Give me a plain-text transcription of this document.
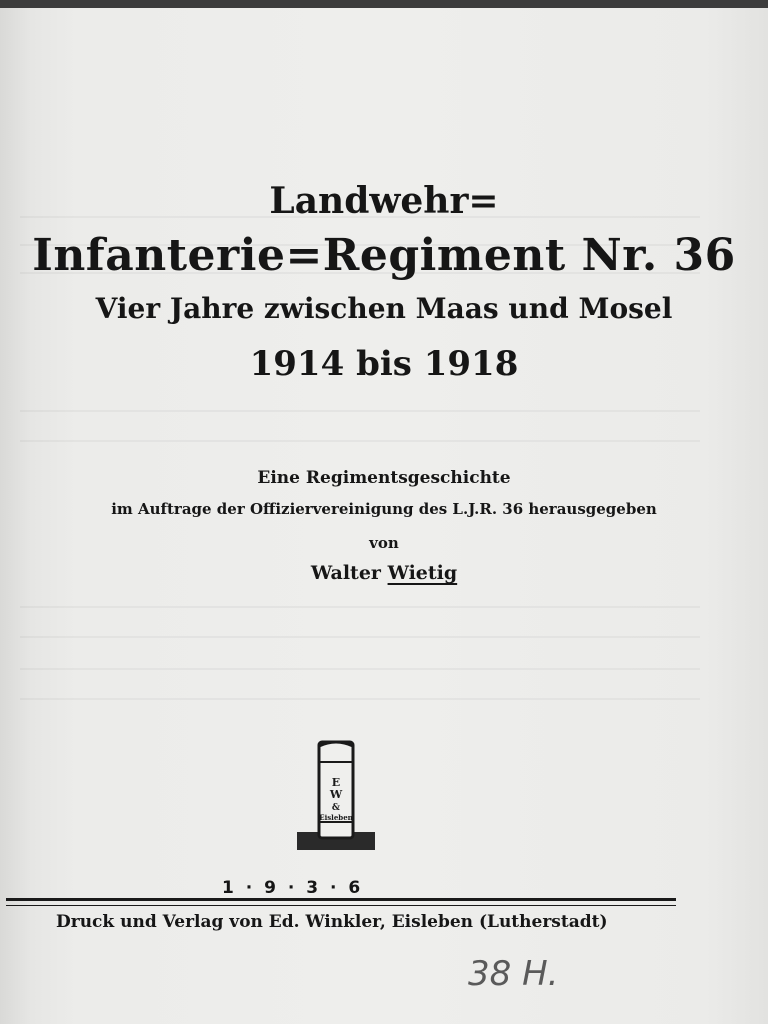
Landwehr=
Infanterie=Regiment Nr. 36
Vier Jahre zwischen Maas und Mosel
1914 bis 1918
Eine Regimentsgeschichte
im Auftrage der Offiziervereinigung des L.J.R. 36 herausgegeben
von
Walter Wietig
E
W
&
Eisleben
1 · 9 · 3 · 6
Druck und Verlag von Ed. Winkler, Eisleben (Lutherstadt)
38 H.
